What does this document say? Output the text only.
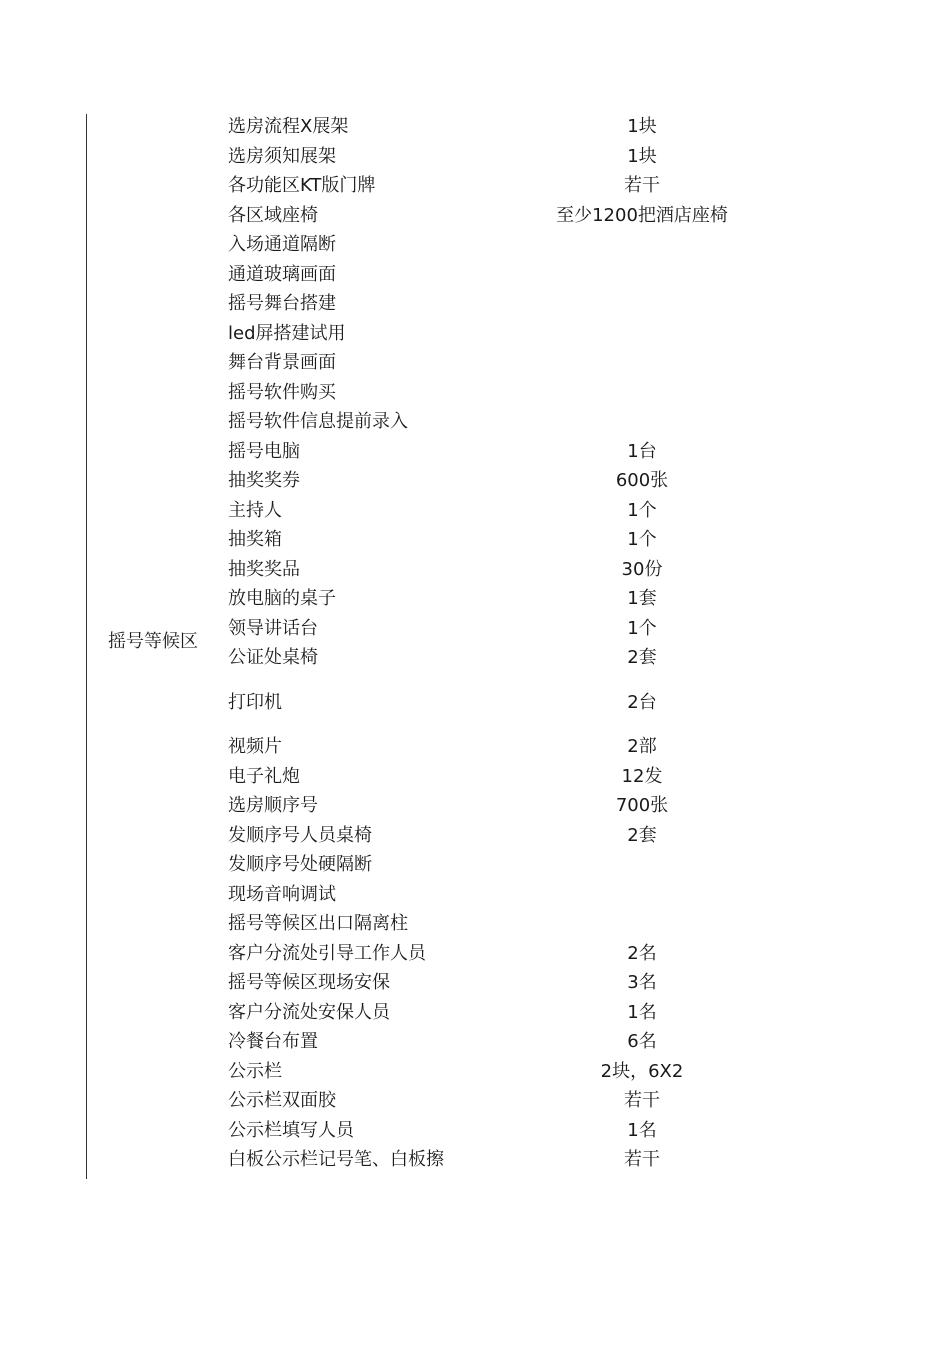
摇号等候区
选房流程X展架	1块
选房须知展架	1块
各功能区KT版门牌	若干
各区域座椅	至少1200把酒店座椅
入场通道隔断
通道玻璃画面
摇号舞台搭建
led屏搭建试用
舞台背景画面
摇号软件购买
摇号软件信息提前录入
摇号电脑	1台
抽奖奖券	600张
主持人	1个
抽奖箱	1个
抽奖奖品	30份
放电脑的桌子	1套
领导讲话台	1个
公证处桌椅	2套
打印机	2台
视频片	2部
电子礼炮	12发
选房顺序号	700张
发顺序号人员桌椅	2套
发顺序号处硬隔断
现场音响调试
摇号等候区出口隔离柱
客户分流处引导工作人员	2名
摇号等候区现场安保	3名
客户分流处安保人员	1名
冷餐台布置	6名
公示栏	2块，6X2
公示栏双面胶	若干
公示栏填写人员	1名
白板公示栏记号笔、白板擦	若干
